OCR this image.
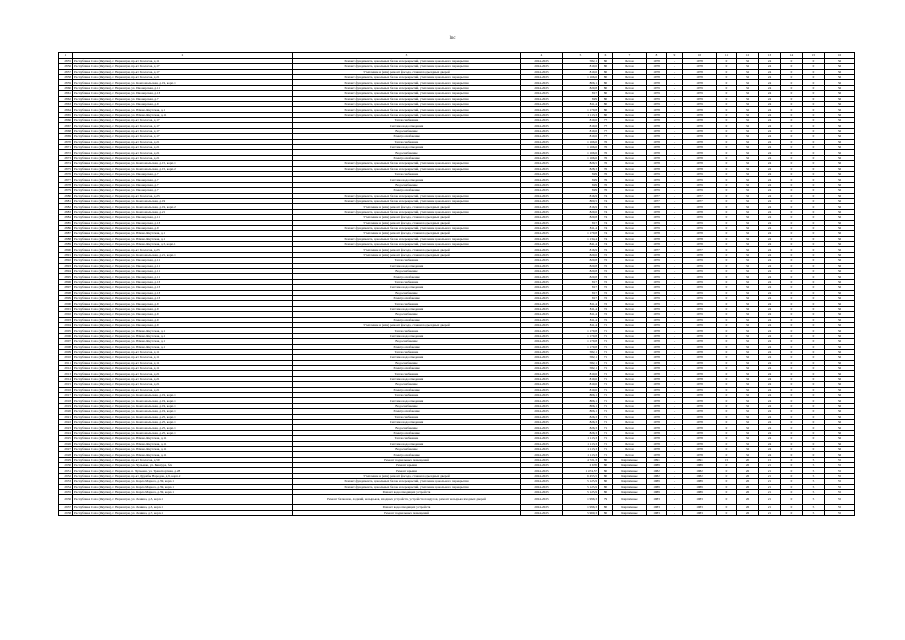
lnc
1	2	3	4	5	6	7	8	9	10	11	12	13	14	15	16
2855	Республика Саха (Якутия), г. Нерюнгри, пр-кт Геологов, д.11	Ремонт фундамента, цокольных балок и перекрытий, утепление цокольного перекрытия	2024-2025	582,1	80	Бетон	1978	-	1978	0	32	24	0	0	56
2856	Республика Саха (Якутия), г. Нерюнгри, пр-кт Геологов, д.17	Ремонт фундамента, цокольных балок и перекрытий, утепление цокольного перекрытия	2024-2025	819,6	80	Бетон	1978	-	1978	0	32	24	0	0	56
2857	Республика Саха (Якутия), г. Нерюнгри, пр-кт Геологов, д.17	Утепление и (или) ремонт фасада, ставни подъездных дверей	2024-2025	819,6	80	Бетон	1978	-	1978	0	32	24	0	0	56
2858	Республика Саха (Якутия), г. Нерюнгри, пр-кт Геологов, д.21	Ремонт фундамента, цокольных балок и перекрытий, утепление цокольного перекрытия	2024-2025	1 166,6	80	Бетон	1978	-	1978	0	32	24	0	0	56
2859	Республика Саха (Якутия), г. Нерюнгри, ул. Комсомольская, д.19, корп.1	Ремонт фундамента, цокольных балок и перекрытий, утепление цокольного перекрытия	2024-2025	806,1	80	Бетон	1978	-	1978	0	32	24	0	0	56
2860	Республика Саха (Якутия), г. Нерюнгри, ул. Пионерская, д.11	Ремонт фундамента, цокольных балок и перекрытий, утепление цокольного перекрытия	2024-2025	820,8	80	Бетон	1979	-	1979	0	32	24	0	0	56
2861	Республика Саха (Якутия), г. Нерюнгри, ул. Пионерская, д.13	Ремонт фундамента, цокольных балок и перекрытий, утепление цокольного перекрытия	2024-2025	817	80	Бетон	1979	-	1979	0	32	24	0	0	56
2862	Республика Саха (Якутия), г. Нерюнгри, ул. Пионерская, д.7	Ремонт фундамента, цокольных балок и перекрытий, утепление цокольного перекрытия	2024-2025	829	80	Бетон	1979	-	1979	0	32	24	0	0	56
2863	Республика Саха (Якутия), г. Нерюнгри, ул. Пионерская, д.9	Ремонт фундамента, цокольных балок и перекрытий, утепление цокольного перекрытия	2024-2025	811,4	80	Бетон	1979	-	1979	0	32	24	0	0	56
2864	Республика Саха (Якутия), г. Нерюнгри, ул. Южно-Якутская, д.1	Ремонт фундамента, цокольных балок и перекрытий, утепление цокольного перекрытия	2024-2025	1 179,8	80	Бетон	1978	-	1978	0	32	24	0	0	56
2865	Республика Саха (Якутия), г. Нерюнгри, ул. Южно-Якутская, д.11	Ремонт фундамента, цокольных балок и перекрытий, утепление цокольного перекрытия	2024-2025	1 113,3	80	Бетон	1978	-	1978	0	32	24	0	0	56
2866	Республика Саха (Якутия), г. Нерюнгри, пр-кт Геологов, д.17	Теплоснабжение	2024-2025	819,6	77	Бетон	1978	-	1978	0	32	24	0	0	56
2867	Республика Саха (Якутия), г. Нерюнгри, пр-кт Геологов, д.17	Система водоотведения	2024-2025	819,6	77	Бетон	1978	-	1978	0	32	24	0	0	56
2868	Республика Саха (Якутия), г. Нерюнгри, пр-кт Геологов, д.17	Водоснабжение	2024-2025	819,6	77	Бетон	1978	-	1978	0	32	24	0	0	56
2869	Республика Саха (Якутия), г. Нерюнгри, пр-кт Геологов, д.17	Электроснабжение	2024-2025	819,6	77	Бетон	1978	-	1978	0	32	24	0	0	56
2870	Республика Саха (Якутия), г. Нерюнгри, пр-кт Геологов, д.21	Теплоснабжение	2024-2025	1 166,6	76	Бетон	1978	-	1978	0	32	24	0	0	56
2871	Республика Саха (Якутия), г. Нерюнгри, пр-кт Геологов, д.21	Система водоотведения	2024-2025	1 166,6	76	Бетон	1978	-	1978	0	32	24	0	0	56
2872	Республика Саха (Якутия), г. Нерюнгри, пр-кт Геологов, д.21	Водоснабжение	2024-2025	1 166,6	76	Бетон	1978	-	1978	0	32	24	0	0	56
2873	Республика Саха (Якутия), г. Нерюнгри, пр-кт Геологов, д.21	Электроснабжение	2024-2025	1 166,6	76	Бетон	1978	-	1978	0	32	24	0	0	56
2874	Республика Саха (Якутия), г. Нерюнгри, ул. Комсомольская, д.15, корп.1	Ремонт фундамента, цокольных балок и перекрытий, утепление цокольного перекрытия	2024-2025	826,5	76	Бетон	1978	-	1978	0	32	24	0	0	56
2875	Республика Саха (Якутия), г. Нерюнгри, ул. Комсомольская, д.15, корп.2	Ремонт фундамента, цокольных балок и перекрытий, утепление цокольного перекрытия	2024-2025	828,3	76	Бетон	1978	-	1978	0	32	24	0	0	56
2876	Республика Саха (Якутия), г. Нерюнгри, ул. Пионерская, д.7	Теплоснабжение	2024-2025	829	76	Бетон	1979	-	1979	0	32	24	0	0	56
2877	Республика Саха (Якутия), г. Нерюнгри, ул. Пионерская, д.7	Система водоотведения	2024-2025	829	76	Бетон	1979	-	1979	0	32	24	0	0	56
2878	Республика Саха (Якутия), г. Нерюнгри, ул. Пионерская, д.7	Водоснабжение	2024-2025	829	76	Бетон	1979	-	1979	0	32	24	0	0	56
2879	Республика Саха (Якутия), г. Нерюнгри, ул. Пионерская, д.7	Электроснабжение	2024-2025	829	76	Бетон	1979	-	1979	0	32	24	0	0	56
2880	Республика Саха (Якутия), г. Нерюнгри, пр-кт Геологов, д.23	Ремонт фундамента, цокольных балок и перекрытий, утепление цокольного перекрытия	2024-2025	816,9	74	Бетон	1977	-	1977	0	32	24	0	0	56
2881	Республика Саха (Якутия), г. Нерюнгри, ул. Комсомольская, д.19	Ремонт фундамента, цокольных балок и перекрытий, утепление цокольного перекрытия	2024-2025	800,5	74	Бетон	1977	-	1977	0	32	24	0	0	56
2882	Республика Саха (Якутия), г. Нерюнгри, ул. Комсомольская, д.19, корп.2	Утепление и (или) ремонт фасада, ставни подъездных дверей	2024-2025	816,9	74	Бетон	1978	-	1978	0	32	24	0	0	56
2883	Республика Саха (Якутия), г. Нерюнгри, ул. Комсомольская, д.21	Ремонт фундамента, цокольных балок и перекрытий, утепление цокольного перекрытия	2024-2025	829,6	74	Бетон	1978	-	1978	0	32	24	0	0	56
2884	Республика Саха (Якутия), г. Нерюнгри, ул. Пионерская, д.11	Утепление и (или) ремонт фасада, ставни подъездных дверей	2024-2025	820,8	74	Бетон	1979	-	1979	0	32	24	0	0	56
2885	Республика Саха (Якутия), г. Нерюнгри, ул. Пионерская, д.13	Утепление и (или) ремонт фасада, ставни подъездных дверей	2024-2025	817	74	Бетон	1979	-	1979	0	32	24	0	0	56
2886	Республика Саха (Якутия), г. Нерюнгри, ул. Пионерская, д.9	Ремонт фундамента, цокольных балок и перекрытий, утепление цокольного перекрытия	2024-2025	811,4	74	Бетон	1979	-	1979	0	32	24	0	0	56
2887	Республика Саха (Якутия), г. Нерюнгри, ул. Южно-Якутская, д.1	Утепление и (или) ремонт фасада, ставни подъездных дверей	2024-2025	1 179,8	74	Бетон	1978	-	1978	0	32	24	0	0	56
2888	Республика Саха (Якутия), г. Нерюнгри, ул. Южно-Якутская, д.1	Ремонт фундамента, цокольных балок и перекрытий, утепление цокольного перекрытия	2024-2025	1 134,4	74	Бетон	1978	-	1978	0	32	24	0	0	56
2889	Республика Саха (Якутия), г. Нерюнгри, ул. Южно-Якутская, д.3, корп.1	Ремонт фундамента, цокольных балок и перекрытий, утепление цокольного перекрытия	2024-2025	841,4	74	Бетон	1978	-	1978	0	32	24	0	0	56
2890	Республика Саха (Якутия), г. Нерюнгри, пр-кт Геологов, д.23	Утепление и (или) ремонт фасада, ставни подъездных дверей	2024-2025	816,9	72	Бетон	1977	-	1977	0	32	24	0	0	56
2891	Республика Саха (Якутия), г. Нерюнгри, ул. Комсомольская, д.21, корп.1	Утепление и (или) ремонт фасада, ставни подъездных дверей	2024-2025	829,6	72	Бетон	1978	-	1978	0	32	24	0	0	56
2892	Республика Саха (Якутия), г. Нерюнгри, ул. Пионерская, д.11	Теплоснабжение	2024-2025	820,8	72	Бетон	1979	-	1979	0	32	24	0	0	56
2893	Республика Саха (Якутия), г. Нерюнгри, ул. Пионерская, д.11	Система водоотведения	2024-2025	820,8	72	Бетон	1979	-	1979	0	32	24	0	0	56
2894	Республика Саха (Якутия), г. Нерюнгри, ул. Пионерская, д.11	Водоснабжение	2024-2025	820,8	72	Бетон	1979	-	1979	0	32	24	0	0	56
2895	Республика Саха (Якутия), г. Нерюнгри, ул. Пионерская, д.11	Электроснабжение	2024-2025	820,8	72	Бетон	1979	-	1979	0	32	24	0	0	56
2896	Республика Саха (Якутия), г. Нерюнгри, ул. Пионерская, д.13	Теплоснабжение	2024-2025	817	72	Бетон	1979	-	1979	0	32	24	0	0	56
2897	Республика Саха (Якутия), г. Нерюнгри, ул. Пионерская, д.13	Система водоотведения	2024-2025	817	72	Бетон	1979	-	1979	0	32	24	0	0	56
2898	Республика Саха (Якутия), г. Нерюнгри, ул. Пионерская, д.13	Водоснабжение	2024-2025	817	72	Бетон	1979	-	1979	0	32	24	0	0	56
2899	Республика Саха (Якутия), г. Нерюнгри, ул. Пионерская, д.13	Электроснабжение	2024-2025	817	72	Бетон	1979	-	1979	0	32	24	0	0	56
2900	Республика Саха (Якутия), г. Нерюнгри, ул. Пионерская, д.9	Теплоснабжение	2024-2025	811,4	72	Бетон	1979	-	1979	0	32	24	0	0	56
2901	Республика Саха (Якутия), г. Нерюнгри, ул. Пионерская, д.9	Система водоотведения	2024-2025	811,4	72	Бетон	1979	-	1979	0	32	24	0	0	56
2902	Республика Саха (Якутия), г. Нерюнгри, ул. Пионерская, д.9	Водоснабжение	2024-2025	811,4	72	Бетон	1979	-	1979	0	32	24	0	0	56
2903	Республика Саха (Якутия), г. Нерюнгри, ул. Пионерская, д.9	Электроснабжение	2024-2025	811,4	72	Бетон	1979	-	1979	0	32	24	0	0	56
2904	Республика Саха (Якутия), г. Нерюнгри, ул. Пионерская, д.9	Утепление и (или) ремонт фасада, ставни подъездных дверей	2024-2025	811,4	71	Бетон	1979	-	1979	0	32	24	0	0	56
2905	Республика Саха (Якутия), г. Нерюнгри, ул. Южно-Якутская, д.1	Теплоснабжение	2024-2025	1 179,8	71	Бетон	1978	-	1978	0	32	24	0	0	56
2906	Республика Саха (Якутия), г. Нерюнгри, ул. Южно-Якутская, д.1	Система водоотведения	2024-2025	1 179,8	71	Бетон	1978	-	1978	0	32	24	0	0	56
2907	Республика Саха (Якутия), г. Нерюнгри, ул. Южно-Якутская, д.1	Водоснабжение	2024-2025	1 179,8	71	Бетон	1978	-	1978	0	32	24	0	0	56
2908	Республика Саха (Якутия), г. Нерюнгри, ул. Южно-Якутская, д.1	Электроснабжение	2024-2025	1 179,8	71	Бетон	1978	-	1978	0	32	24	0	0	56
2909	Республика Саха (Якутия), г. Нерюнгри, пр-кт Геологов, д.11	Теплоснабжение	2024-2025	582,1	71	Бетон	1978	-	1978	0	32	24	0	0	56
2910	Республика Саха (Якутия), г. Нерюнгри, пр-кт Геологов, д.11	Система водоотведения	2024-2025	582,1	71	Бетон	1978	-	1978	0	32	24	0	0	56
2911	Республика Саха (Якутия), г. Нерюнгри, пр-кт Геологов, д.11	Водоснабжение	2024-2025	582,1	71	Бетон	1978	-	1978	0	32	24	0	0	56
2912	Республика Саха (Якутия), г. Нерюнгри, пр-кт Геологов, д.11	Электроснабжение	2024-2025	582,1	71	Бетон	1978	-	1978	0	32	24	0	0	56
2913	Республика Саха (Якутия), г. Нерюнгри, пр-кт Геологов, д.21	Теплоснабжение	2024-2025	810,6	71	Бетон	1978	-	1978	0	32	24	0	0	56
2914	Республика Саха (Якутия), г. Нерюнгри, пр-кт Геологов, д.21	Система водоотведения	2024-2025	810,6	71	Бетон	1978	-	1978	0	32	24	0	0	56
2915	Республика Саха (Якутия), г. Нерюнгри, пр-кт Геологов, д.21	Водоснабжение	2024-2025	810,6	71	Бетон	1978	-	1978	0	32	24	0	0	56
2916	Республика Саха (Якутия), г. Нерюнгри, пр-кт Геологов, д.21	Электроснабжение	2024-2025	810,6	71	Бетон	1979	-	1979	0	32	24	0	0	56
2917	Республика Саха (Якутия), г. Нерюнгри, ул. Комсомольская, д.19, корп.1	Теплоснабжение	2024-2025	806,1	71	Бетон	1978	-	1978	0	32	24	0	0	56
2918	Республика Саха (Якутия), г. Нерюнгри, ул. Комсомольская, д.19, корп.1	Система водоотведения	2024-2025	806,1	71	Бетон	1978	-	1978	0	32	24	0	0	56
2919	Республика Саха (Якутия), г. Нерюнгри, ул. Комсомольская, д.19, корп.1	Водоснабжение	2024-2025	806,1	71	Бетон	1978	-	1978	0	32	24	0	0	56
2920	Республика Саха (Якутия), г. Нерюнгри, ул. Комсомольская, д.19, корп.1	Электроснабжение	2024-2025	806,1	71	Бетон	1978	-	1978	0	32	24	0	0	56
2921	Республика Саха (Якутия), г. Нерюнгри, ул. Комсомольская, д.25, корп.1	Теплоснабжение	2024-2025	826,3	71	Бетон	1978	-	1978	0	32	24	0	0	56
2922	Республика Саха (Якутия), г. Нерюнгри, ул. Комсомольская, д.25, корп.1	Система водоотведения	2024-2025	826,3	71	Бетон	1978	-	1978	0	32	24	0	0	56
2923	Республика Саха (Якутия), г. Нерюнгри, ул. Комсомольская, д.25, корп.1	Водоснабжение	2024-2025	826,3	71	Бетон	1978	-	1978	0	32	24	0	0	56
2924	Республика Саха (Якутия), г. Нерюнгри, ул. Комсомольская, д.25, корп.1	Электроснабжение	2024-2025	826,3	71	Бетон	1978	-	1978	0	32	24	0	0	56
2925	Республика Саха (Якутия), г. Нерюнгри, ул. Южно-Якутская, д.11	Теплоснабжение	2024-2025	1 113,3	71	Бетон	1978	-	1978	0	32	24	0	0	56
2926	Республика Саха (Якутия), г. Нерюнгри, ул. Южно-Якутская, д.11	Система водоотведения	2024-2025	1 113,3	71	Бетон	1978	-	1978	0	32	24	0	0	56
2927	Республика Саха (Якутия), г. Нерюнгри, ул. Южно-Якутская, д.11	Водоснабжение	2024-2025	1 113,3	71	Бетон	1978	-	1978	0	32	24	0	0	56
2928	Республика Саха (Якутия), г. Нерюнгри, ул. Южно-Якутская, д.11	Электроснабжение	2024-2025	1 113,3	71	Бетон	1978	-	1978	0	32	24	0	0	56
2929	Республика Саха (Якутия), г. Нерюнгри, пр-кт Геологов, д.59	Ремонт подвальных помещений	2024-2025	4 721,3	80	Кирпичные	1991	-	1991	15	20	15	0	5	55
2930	Республика Саха (Якутия), г. Нерюнгри, ул. Чульман, ул. Бикчура, б/н	Ремонт крыши	2024-2025	2 670	80	Кирпичные	1989	-	1989	0	26	21	0	5	55
2931	Республика Саха (Якутия), г. Нерюнгри, п. Чульман, ул. Транспортная, д.28	Ремонт крыши	2024-2025	1 474,57	80	Кирпичные	1982	-	1982	0	26	21	0	5	55
2932	Республика Саха (Якутия), г. Нерюнгри, пр-кт Дружбы Народов, д.9, корп.2	Утепление и (или) ремонт фасада, ставни подъездных дверей	2024-2025	6 455,5	80	Кирпичные	1982	-	1982	0	26	21	0	5	55
2933	Республика Саха (Якутия), г. Нерюнгри, ул. Карла Маркса, д.39, корп.1	Ремонт фундамента, цокольных балок и перекрытий, утепление цокольного перекрытия	2024-2025	5 125,9	80	Кирпичные	1989	-	1989	0	26	21	0	5	55
2934	Республика Саха (Якутия), г. Нерюнгри, ул. Карла Маркса, д.39, корп.1	Ремонт фундамента, цокольных балок и перекрытий, утепление цокольного перекрытия	2024-2025	5 125,9	80	Кирпичные	1989	-	1989	0	26	21	0	5	55
2935	Республика Саха (Якутия), г. Нерюнгри, ул. Карла Маркса, д.39, корп.1	Ремонт водоотводящих устройств	2024-2025	5 125,9	80	Кирпичные	1989	-	1989	0	26	21	0	5	55
2936	Республика Саха (Якутия), г. Нерюнгри, ул. Ленина, д.3, корп.1	Ремонт балконов, лоджий, козырьков, входных устройств, устройств пандусов, ремонт козырька входных дверей	2024-2025	1 996,3	79	Кирпичные	1983	-	1983	0	26	21	0	5	55
2937	Республика Саха (Якутия), г. Нерюнгри, ул. Ленина, д.3, корп.1	Ремонт водоотводящих устройств	2024-2025	1 996,3	80	Кирпичные	1983	-	1983	0	26	21	0	5	55
2938	Республика Саха (Якутия), г. Нерюнгри, ул. Ленина, д.7, корп.1	Ремонт подвальных помещений	2024-2025	5 960,3	80	Кирпичные	1983	-	1983	0	26	21	0	5	55
